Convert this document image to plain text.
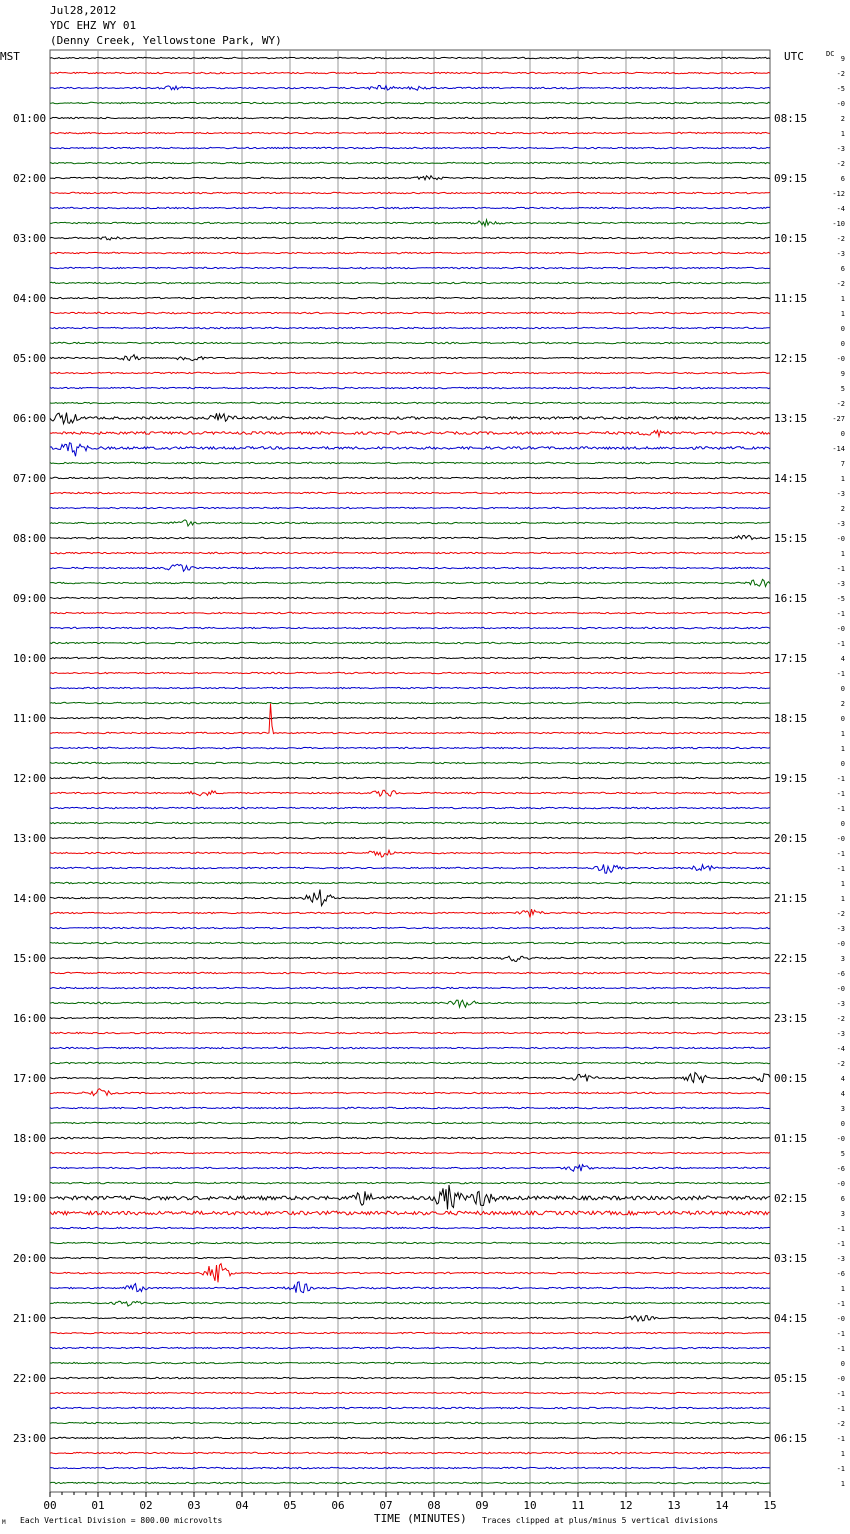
Jul28,2012
YDC EHZ WY 01
(Denny Creek, Yellowstone Park, WY)
MST	UTC	DC
01:00
02:00
03:00
04:00
05:00
06:00
07:00
08:00
09:00
10:00
11:00
12:00
13:00
14:00
15:00
16:00
17:00
18:00
19:00
20:00
21:00
22:00
23:00
08:15
09:15
10:15
11:15
12:15
13:15
14:15
15:15
16:15
17:15
18:15
19:15
20:15
21:15
22:15
23:15
00:15
01:15
02:15
03:15
04:15
05:15
06:15
9
-2
-5
-0
2
1
-3
-2
6
-12
-4
-10
-2
-3
6
-2
1
1
0
0
-0
9
5
-2
-27
0
-14
7
1
-3
2
-3
-0
1
-1
-3
-5
-1
-0
-1
4
-1
0
2
0
1
1
0
-1
-1
-1
0
-0
-1
-1
1
1
-2
-3
-0
3
-6
-0
-3
-2
-3
-4
-2
4
4
3
0
-0
5
-6
-0
6
3
-1
-1
-3
-6
1
-1
-0
-1
-1
0
-0
-1
-1
-2
-1
1
-1
1
00	01	02	03	04	05	06	07	08	09	10	11	12	13	14	15
TIME (MINUTES)
Each Vertical Division = 800.00 microvolts	Traces clipped at plus/minus 5 vertical divisions
M
